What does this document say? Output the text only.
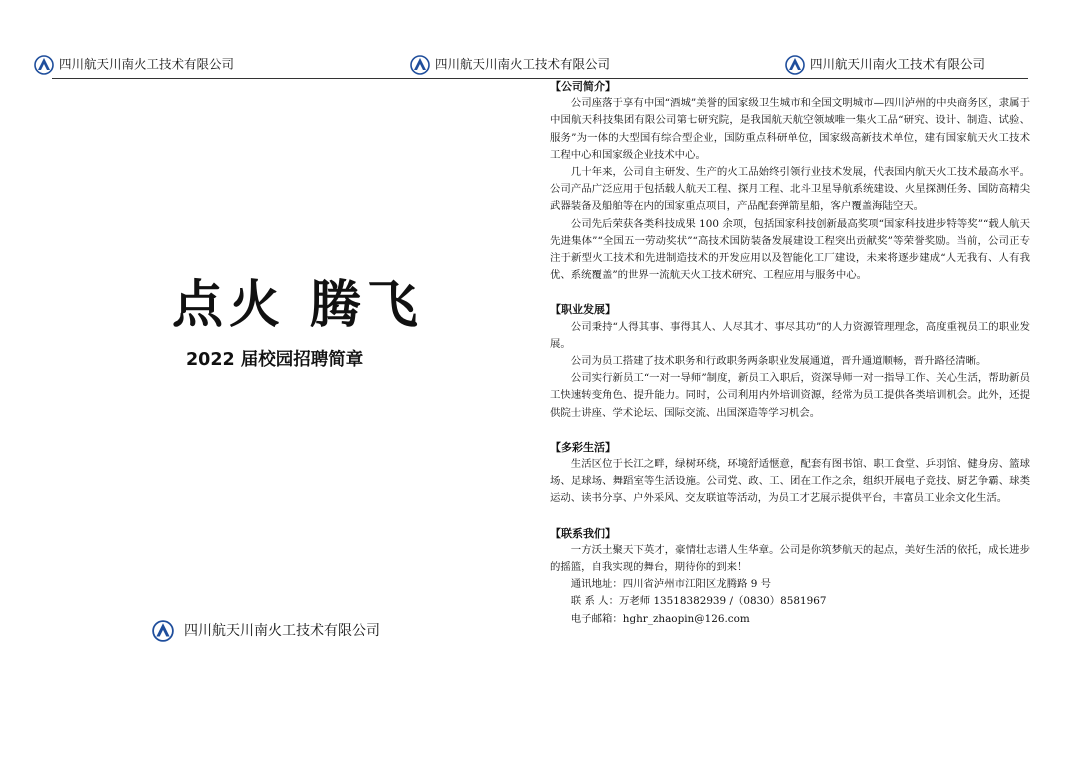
四川航天川南火工技术有限公司	四川航天川南火工技术有限公司	四川航天川南火工技术有限公司
点火 腾飞
2022 届校园招聘简章
四川航天川南火工技术有限公司
【公司简介】
公司座落于享有中国“酒城”美誉的国家级卫生城市和全国文明城市—四川泸州的中央商务区，隶属于中国航天科技集团有限公司第七研究院，是我国航天航空领域唯一集火工品“研究、设计、制造、试验、服务”为一体的大型国有综合型企业，国防重点科研单位，国家级高新技术单位，建有国家航天火工技术工程中心和国家级企业技术中心。
几十年来，公司自主研发、生产的火工品始终引领行业技术发展，代表国内航天火工技术最高水平。公司产品广泛应用于包括载人航天工程、探月工程、北斗卫星导航系统建设、火星探测任务、国防高精尖武器装备及船舶等在内的国家重点项目，产品配套弹箭星船，客户覆盖海陆空天。
公司先后荣获各类科技成果 100 余项，包括国家科技创新最高奖项“国家科技进步特等奖”“载人航天先进集体”“全国五一劳动奖状”“高技术国防装备发展建设工程突出贡献奖”等荣誉奖励。当前，公司正专注于新型火工技术和先进制造技术的开发应用以及智能化工厂建设，未来将逐步建成“人无我有、人有我优、系统覆盖”的世界一流航天火工技术研究、工程应用与服务中心。
【职业发展】
公司秉持“人得其事、事得其人、人尽其才、事尽其功”的人力资源管理理念，高度重视员工的职业发展。
公司为员工搭建了技术职务和行政职务两条职业发展通道，晋升通道顺畅，晋升路径清晰。
公司实行新员工“一对一导师”制度，新员工入职后，资深导师一对一指导工作、关心生活，帮助新员工快速转变角色、提升能力。同时，公司利用内外培训资源，经常为员工提供各类培训机会。此外，还提供院士讲座、学术论坛、国际交流、出国深造等学习机会。
【多彩生活】
生活区位于长江之畔，绿树环绕，环境舒适惬意，配套有图书馆、职工食堂、乒羽馆、健身房、篮球场、足球场、舞蹈室等生活设施。公司党、政、工、团在工作之余，组织开展电子竞技、厨艺争霸、球类运动、读书分享、户外采风、交友联谊等活动，为员工才艺展示提供平台，丰富员工业余文化生活。
【联系我们】
一方沃土聚天下英才，豪情壮志谱人生华章。公司是你筑梦航天的起点，美好生活的依托，成长进步的摇篮，自我实现的舞台，期待你的到来！
通讯地址：四川省泸州市江阳区龙腾路 9 号
联 系 人：万老师 13518382939 /（0830）8581967
电子邮箱：hghr_zhaopin@126.com
